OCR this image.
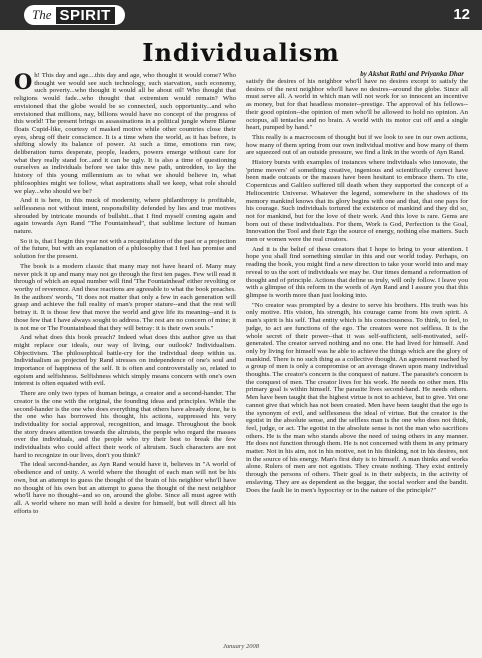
The SPIRIT	12
Individualism
by Akshat Rathi and Priyanka Dhar

Oh! This day and age....this day and age, who thought it would come? Who thought we would see such technology, such starvation, such economy, such poverty...who thought it would all be about oil! Who thought that religions would fade...who thought that extremism would remain? Who envisioned that the globe would be so connected, such opportunity...and who envisioned that millions, nay, billions would have no concept of the progress of this world! The present brings us assassinations in a political jungle where Blame floats Cupid-like, courtesy of masked motive while other countries close their eyes, shrug off their conscience. It is a time when the world, as it has before, is shifting slowly its balance of power. At such a time, emotions run raw, deliberation turns desperate, people, leaders, powers emerge without care for what they really stand for...and it can be ugly. It is also a time of questioning ourselves as individuals before we take this new path, untrodden, to lay the history of this young millennium as to what we should believe in, what philosophies might we follow, what aspirations shall we keep, what role should we play...who should we be?

And it is here, in this muck of modernity, where philanthropy is profitable, selflessness not without intent, responsibility defended by lies and true motives shrouded by intricate mounds of bullshit...that I find myself coming again and again towards Ayn Rand "The Fountainhead", that sublime lecture of human nature.

So it is, that I begin this year not with a recapitulation of the past or a projection of the future, but with an explanation of a philosophy that I feel has promise and solution for the present.

The book is a modern classic that many may not have heard of. Many may never pick it up and many may not go through the first ten pages. Few will read it through of which an equal number will find 'The Fountainhead' either revolting or worthy of reverence. And these reactions are agreeable to what the book preaches. In the authors' words, "It does not matter that only a few in each generation will grasp and achieve the full reality of man's proper stature--and that the rest will betray it. It is those few that move the world and give life its meaning--and it is those few that I have always sought to address. The rest are no concern of mine; it is not me or The Fountainhead that they will betray: it is their own souls."

And what does this book preach? Indeed what does this author give us that might replace our ideals, our way of living, our outlook? Individualism. Objectivism. The philosophical battle-cry for the individual deep within us. Individualism as projected by Rand stresses on independence of one's soul and importance of happiness of the self. It is often and controversially so, related to egoism and selfishness. Selfishness which simply means concern with one's own interest is often equated with evil.

There are only two types of human beings, a creator and a second-hander. The creator is the one with the original, the founding ideas and principles. While the second-hander is the one who does everything that others have already done, he is the one who has borrowed his thought, his actions, suppressed his very individuality for social approval, recognition, and image. Throughout the book the story draws attention towards the altruists, the people who regard the masses over the individuals, and the people who try their best to break the few individualists who could affect their work of altruism. Such characters are not hard to recognize in our lives, don't you think?

The ideal second-hander, as Ayn Rand would have it, believes in "A world of obedience and of unity. A world where the thought of each man will not be his own, but an attempt to guess the thought of the brain of his neighbor who'll have no thought of his own but an attempt to guess the thought of the next neighbor who'll have no thought--and so on, around the globe. Since all must agree with all. A world where no man will hold a desire for himself, but will direct all his efforts to

satisfy the desires of his neighbor who'll have no desires except to satisfy the desires of the next neighbor who'll have no desires--around the globe. Since all must serve all. A world in which man will not work for so innocent an incentive as money, but for that headless monster--prestige. The approval of his fellows--their good opinion--the opinion of men who'll be allowed to hold no opinion. An octopus, all tentacles and no brain. A world with its motor cut off and a single heart, pumped by hand."

This really is a macrocosm of thought but if we look to see in our own actions, how many of them spring from our own individual motive and how many of them are squeezed out of an outside pressure, we find a link in the words of Ayn Rand.

History bursts with examples of instances where individuals who innovate, the 'prime movers' of something creative, ingenious and scientifically correct have been made outcasts or the masses have been hesitant to embrace them. To cite, Copernicus and Galileo suffered till death when they supported the concept of a Heliocentric Universe. Whatever the legend, somewhere in the shadows of its memory mankind knows that its glory begins with one and that, that one pays for his courage. Such individuals tortured the existence of mankind and they did so, not for mankind, but for the love of their work. And this love is rare. Gems are born out of these individualists. For them, Work is God, Perfection is the Goal, Innovation the Tool and their Ego the source of energy, nothing else matters. Such men or women were the real creators.

And it is the belief of these creators that I hope to bring to your attention. I hope you shall find something similar in this and our world today. Perhaps, on reading the book, you might find a new direction to take your world into and may reveal to us the sort of individuals we may be. Our times demand a reformation of thought and of principle. Actions that define us truly, will only follow. I leave you with a glimpse of this reform in the words of Ayn Rand and I assure you that this glimpse is worth more than just looking into.

"No creator was prompted by a desire to serve his brothers. His truth was his only motive. His vision, his strength, his courage came from his own spirit. A man's spirit is his self. That entity which is his consciousness. To think, to feel, to judge, to act are functions of the ego. The creators were not selfless. It is the whole secret of their power--that it was self-sufficient, self-motivated, self-generated. The creator served nothing and no one. He had lived for himself. And only by living for himself was he able to achieve the things which are the glory of mankind. There is no such thing as a collective thought. An agreement reached by a group of men is only a compromise or an average drawn upon many individual thoughts. The creator's concern is the conquest of nature. The parasite's concern is the conquest of men. The creator lives for his work. He needs no other men. His primary goal is within himself. The parasite lives second-hand. He needs others. Men have been taught that the highest virtue is not to achieve, but to give. Yet one cannot give that which has not been created. Men have been taught that the ego is the synonym of evil, and selflessness the ideal of virtue. But the creator is the egotist in the absolute sense, and the selfless man is the one who does not think, feel, judge, or act. The egotist in the absolute sense is not the man who sacrifices others. He is the man who stands above the need of using others in any manner. He does not function through them. He is not concerned with them in any primary matter. Not in his aim, not in his motive, not in his thinking, not in his desires, not in the source of his energy. Man's first duty is to himself. A man thinks and works alone. Rulers of men are not egotists. They create nothing. They exist entirely through the persons of others. Their goal is in their subjects, in the activity of enslaving. They are as dependent as the beggar, the social worker and the bandit. Does the fault lie in men's hypocrisy or in the nature of the principle?"

January 2008
